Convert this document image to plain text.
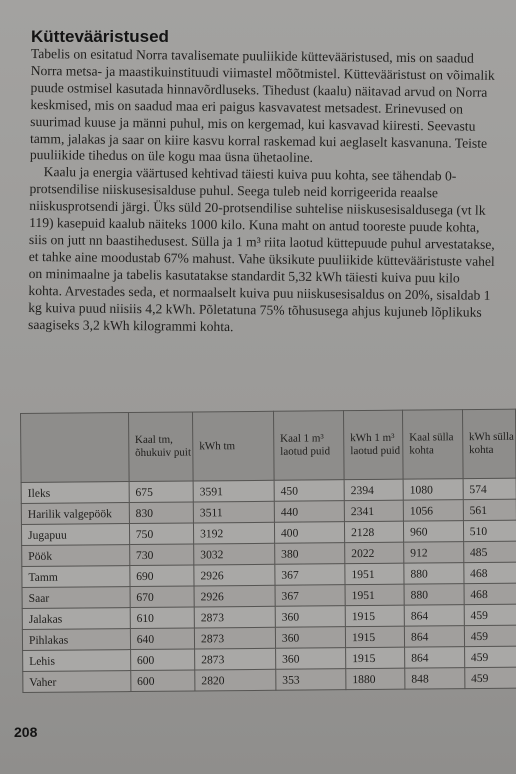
Küttevääristused

Tabelis on esitatud Norra tavalisemate puuliikide küttevääristused, mis on saadud Norra metsa- ja maastikuinstituudi viimastel mõõtmistel. Küttevääristust on võimalik puude ostmisel kasutada hinnavõrdluseks. Tihedust (kaalu) näitavad arvud on Norra keskmised, mis on saadud maa eri paigus kasvavatest metsadest. Erinevused on suurimad kuuse ja männi puhul, mis on kergemad, kui kasvavad kiiresti. Seevastu tamm, jalakas ja saar on kiire kasvu korral raskemad kui aeglaselt kasvanuna. Teiste puuliikide tihedus on üle kogu maa üsna ühetaoline.

Kaalu ja energia väärtused kehtivad täiesti kuiva puu kohta, see tähendab 0-protsendilise niiskusesisalduse puhul. Seega tuleb neid korrigeerida reaalse niiskusprotsendi järgi. Üks süld 20-protsendilise suhtelise niiskusesisaldusega (vt lk 119) kasepuid kaalub näiteks 1000 kilo. Kuna maht on antud tooreste puude kohta, siis on jutt nn baastihedusest. Süllа ja 1 m³ riita laotud küttepuude puhul arvestatakse, et tahke aine moodustab 67% mahust. Vahe üksikute puuliikide küttevääristuste vahel on minimaalne ja tabelis kasutatakse standardit 5,32 kWh täiesti kuiva puu kilo kohta. Arvestades seda, et normaalselt kuiva puu niiskusesisaldus on 20%, sisaldab 1 kg kuiva puud niisiis 4,2 kWh. Põletatuna 75% tõhususega ahjus kujuneb lõplikuks saagiseks 3,2 kWh kilogrammi kohta.

	Kaal tm, õhukuiv puit	kWh tm	Kaal 1 m³ laotud puid	kWh 1 m³ laotud puid	Kaal sülla kohta	kWh sülla kohta
Ileks	675	3591	450	2394	1080	574
Harilik valgepöök	830	3511	440	2341	1056	561
Jugapuu	750	3192	400	2128	960	510
Pöök	730	3032	380	2022	912	485
Tamm	690	2926	367	1951	880	468
Saar	670	2926	367	1951	880	468
Jalakas	610	2873	360	1915	864	459
Pihlakas	640	2873	360	1915	864	459
Lehis	600	2873	360	1915	864	459
Vaher	600	2820	353	1880	848	459
208
